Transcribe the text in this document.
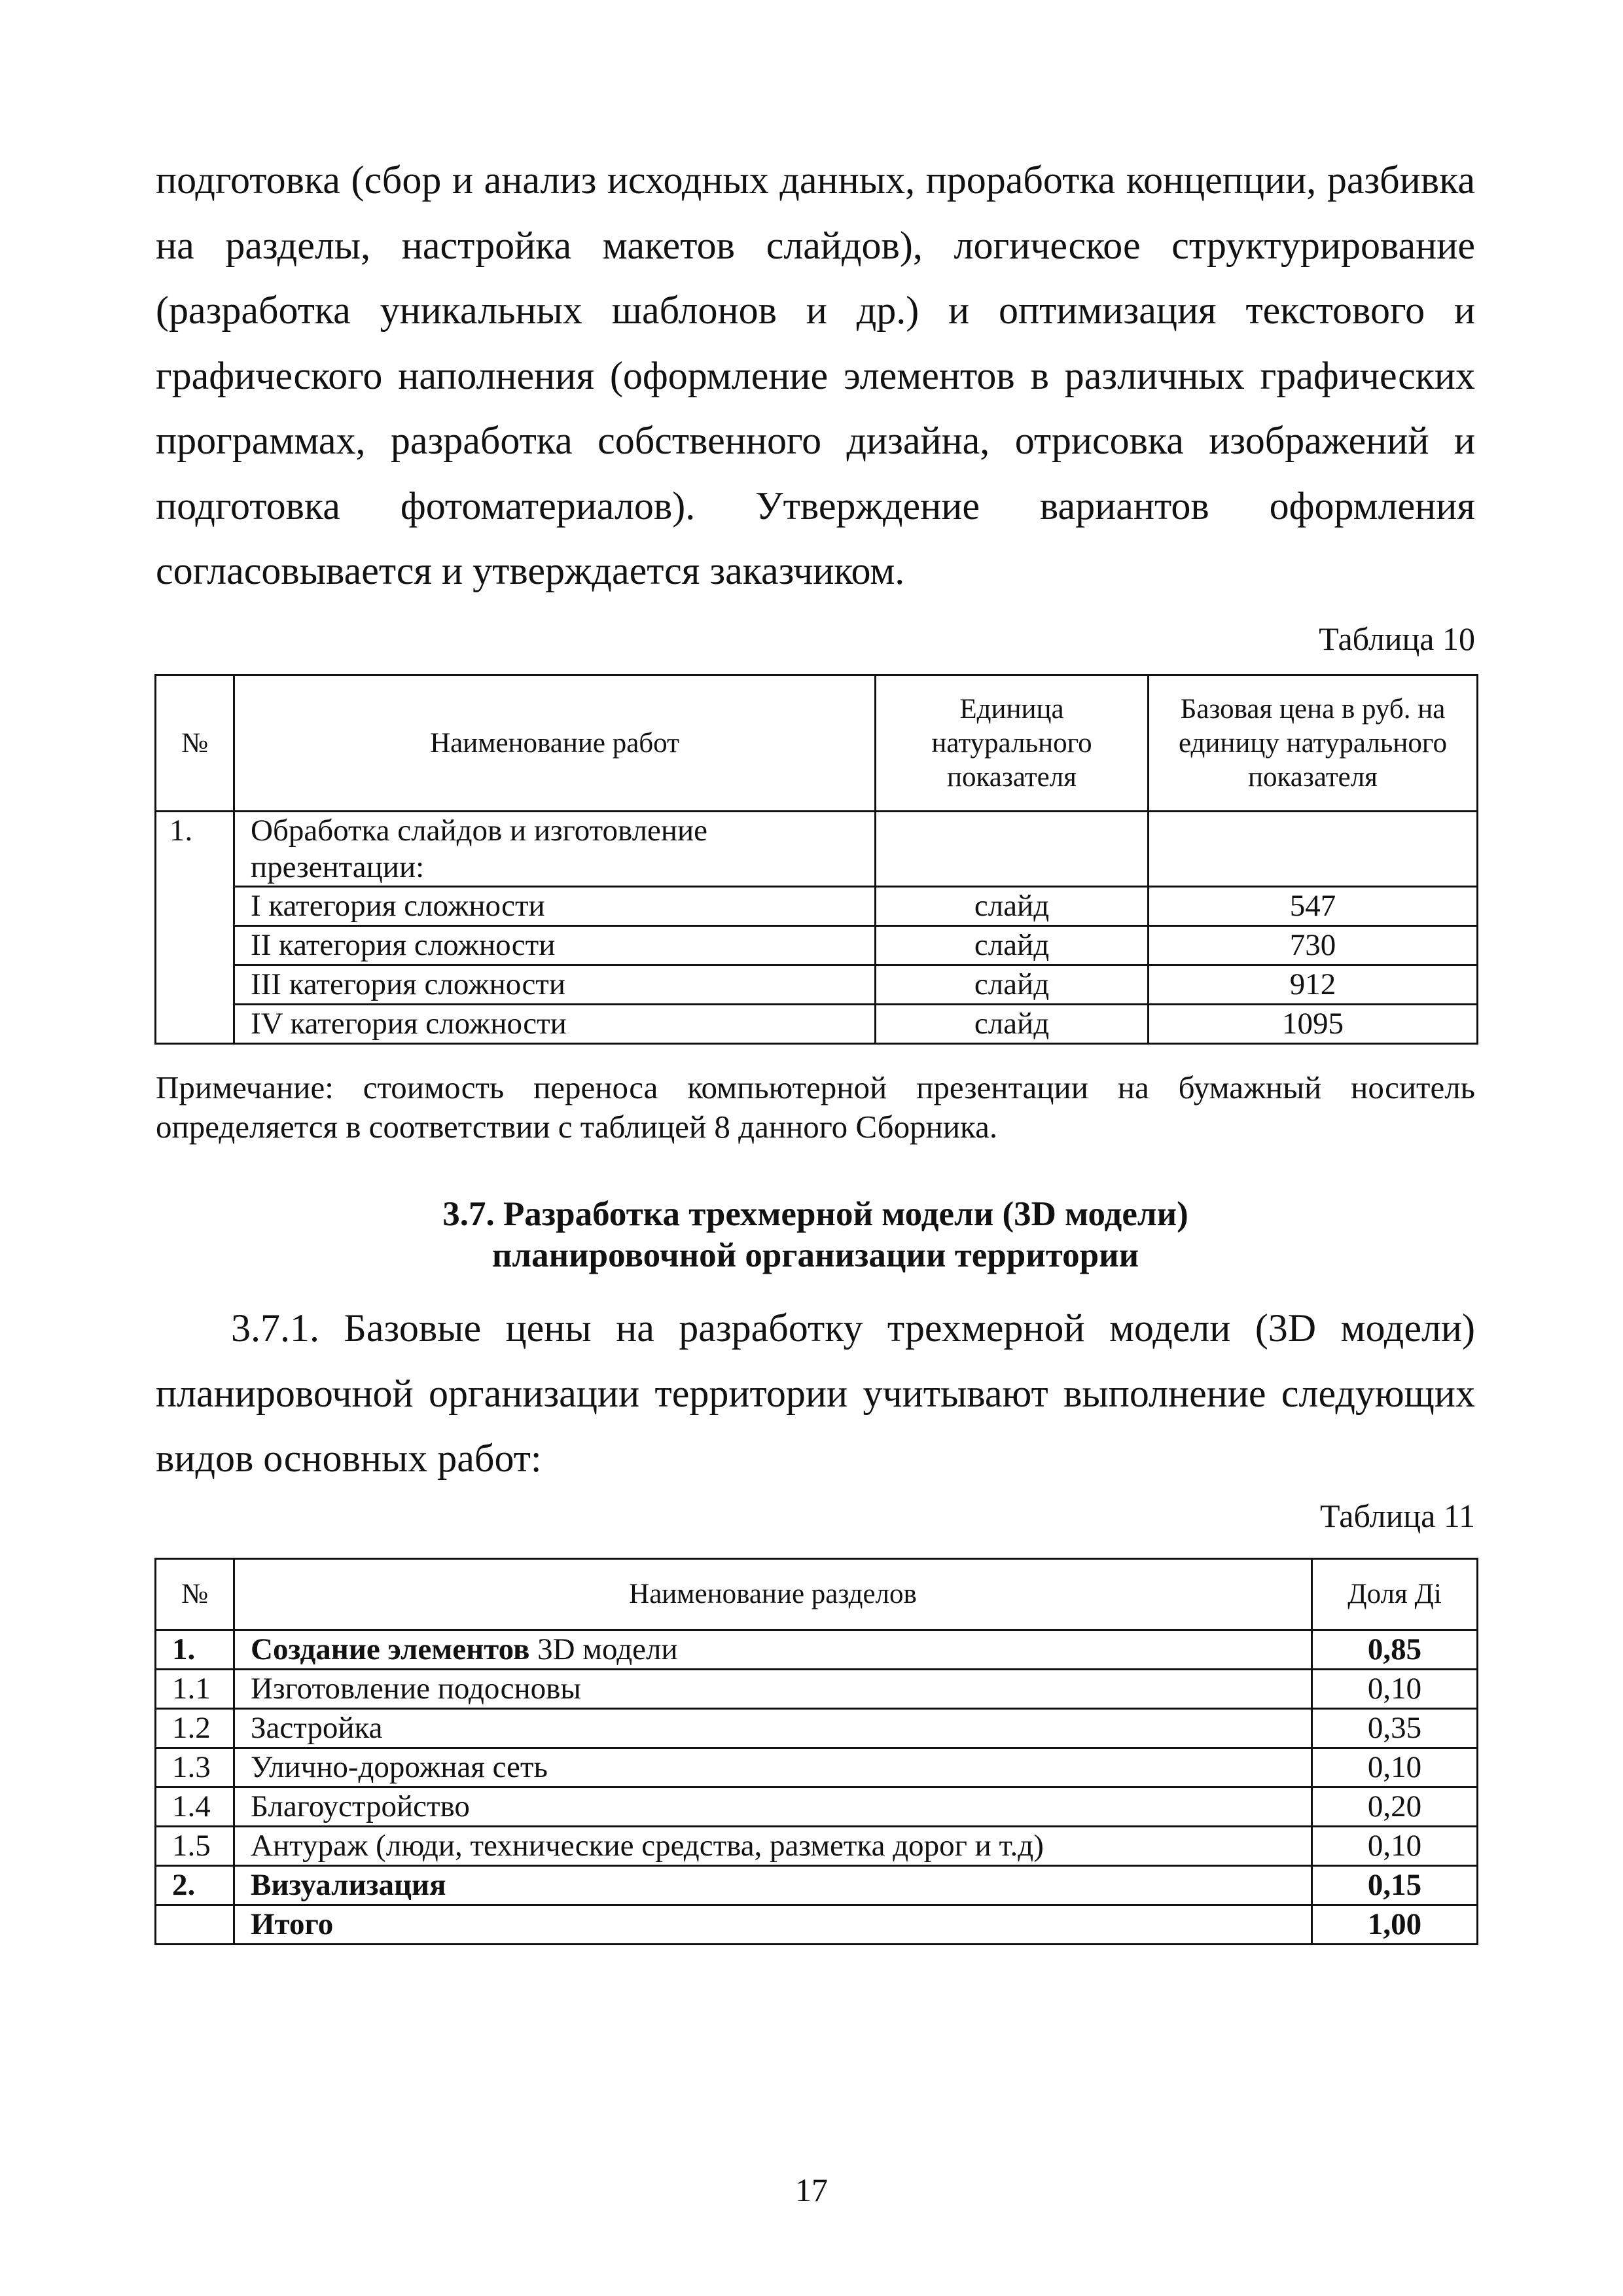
подготовка (сбор и анализ исходных данных, проработка концепции, разбивка на разделы, настройка макетов слайдов), логическое структурирование (разработка уникальных шаблонов и др.) и оптимизация текстового и графического наполнения (оформление элементов в различных графических программах, разработка собственного дизайна, отрисовка изображений и подготовка фотоматериалов). Утверждение вариантов оформления согласовывается и утверждается заказчиком.

Таблица 10
№	Наименование работ	Единица натурального показателя	Базовая цена в руб. на единицу натурального показателя
1.	Обработка слайдов и изготовление презентации:		
	I категория сложности	слайд	547
	II категория сложности	слайд	730
	III категория сложности	слайд	912
	IV категория сложности	слайд	1095

Примечание: стоимость переноса компьютерной презентации на бумажный носитель определяется в соответствии с таблицей 8 данного Сборника.

3.7. Разработка трехмерной модели (3D модели)
планировочной организации территории

3.7.1. Базовые цены на разработку трехмерной модели (3D модели) планировочной организации территории учитывают выполнение следующих видов основных работ:

Таблица 11
№	Наименование разделов	Доля Дi
1.	Создание элементов 3D модели	0,85
1.1	Изготовление подосновы	0,10
1.2	Застройка	0,35
1.3	Улично-дорожная сеть	0,10
1.4	Благоустройство	0,20
1.5	Антураж (люди, технические средства, разметка дорог и т.д)	0,10
2.	Визуализация	0,15
	Итого	1,00
17
